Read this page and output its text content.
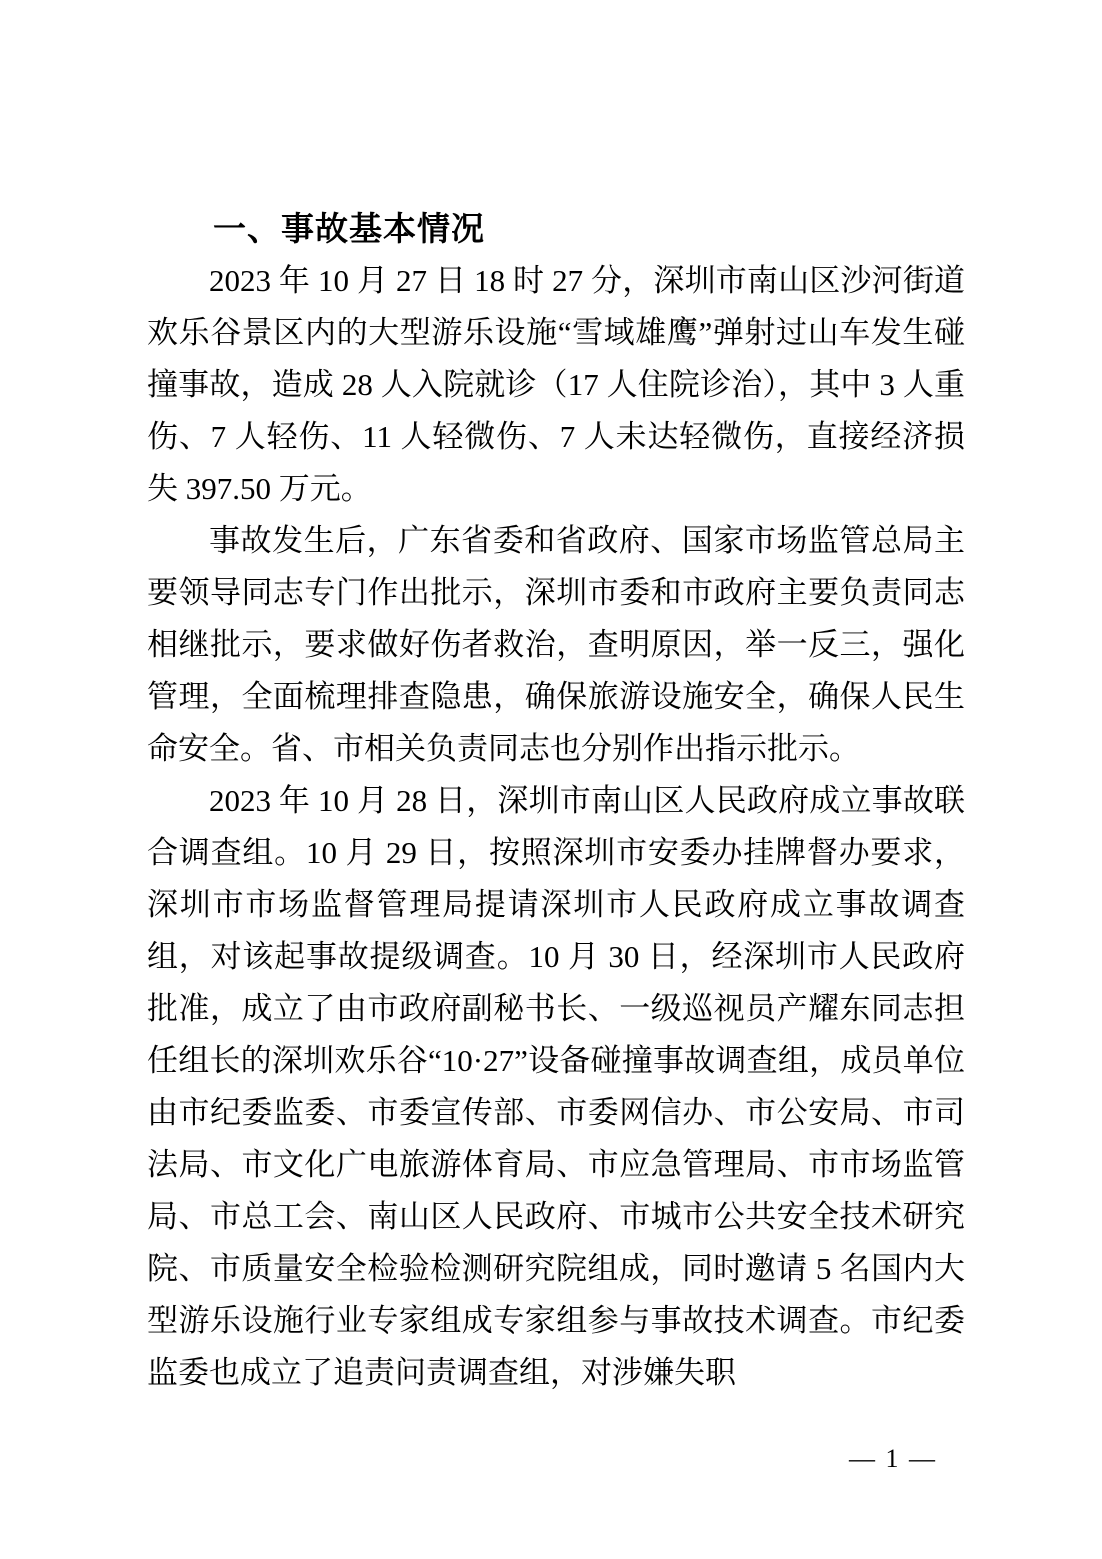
一、事故基本情况

2023 年 10 月 27 日 18 时 27 分，深圳市南山区沙河街道欢乐谷景区内的大型游乐设施“雪域雄鹰”弹射过山车发生碰撞事故，造成 28 人入院就诊（17 人住院诊治），其中 3 人重伤、7 人轻伤、11 人轻微伤、7 人未达轻微伤，直接经济损失 397.50 万元。

事故发生后，广东省委和省政府、国家市场监管总局主要领导同志专门作出批示，深圳市委和市政府主要负责同志相继批示，要求做好伤者救治，查明原因，举一反三，强化管理，全面梳理排查隐患，确保旅游设施安全，确保人民生命安全。省、市相关负责同志也分别作出指示批示。

2023 年 10 月 28 日，深圳市南山区人民政府成立事故联合调查组。10 月 29 日，按照深圳市安委办挂牌督办要求，深圳市市场监督管理局提请深圳市人民政府成立事故调查组，对该起事故提级调查。10 月 30 日，经深圳市人民政府批准，成立了由市政府副秘书长、一级巡视员产耀东同志担任组长的深圳欢乐谷“10·27”设备碰撞事故调查组，成员单位由市纪委监委、市委宣传部、市委网信办、市公安局、市司法局、市文化广电旅游体育局、市应急管理局、市市场监管局、市总工会、南山区人民政府、市城市公共安全技术研究院、市质量安全检验检测研究院组成，同时邀请 5 名国内大型游乐设施行业专家组成专家组参与事故技术调查。市纪委监委也成立了追责问责调查组，对涉嫌失职

— 1 —
